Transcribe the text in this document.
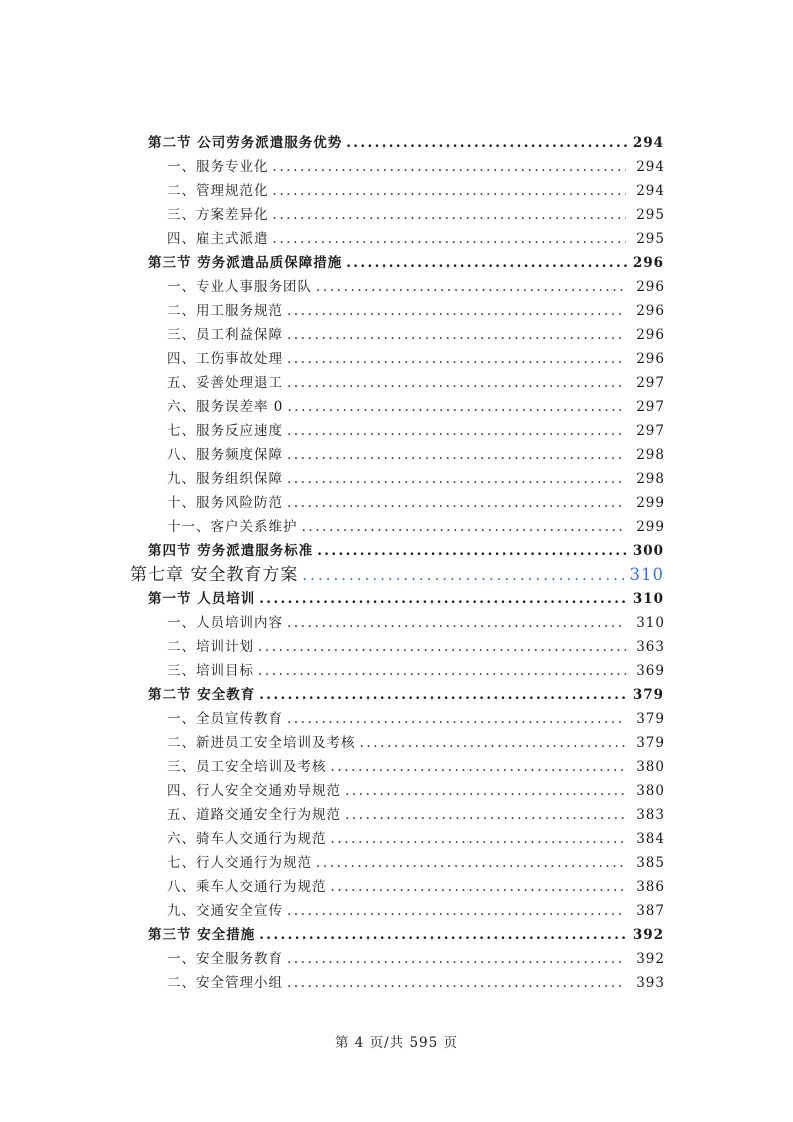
第二节 公司劳务派遣服务优势 .....	294
一、服务专业化 .....	294
二、管理规范化 .....	294
三、方案差异化 .....	295
四、雇主式派遣 .....	295
第三节 劳务派遣品质保障措施 .....	296
一、专业人事服务团队 .....	296
二、用工服务规范 .....	296
三、员工利益保障 .....	296
四、工伤事故处理 .....	296
五、妥善处理退工 .....	297
六、服务误差率 0 .....	297
七、服务反应速度 .....	297
八、服务频度保障 .....	298
九、服务组织保障 .....	298
十、服务风险防范 .....	299
十一、客户关系维护 .....	299
第四节 劳务派遣服务标准 .....	300
第七章 安全教育方案 .....	310
第一节 人员培训 .....	310
一、人员培训内容 .....	310
二、培训计划 .....	363
三、培训目标 .....	369
第二节 安全教育 .....	379
一、全员宣传教育 .....	379
二、新进员工安全培训及考核 .....	379
三、员工安全培训及考核 .....	380
四、行人安全交通劝导规范 .....	380
五、道路交通安全行为规范 .....	383
六、骑车人交通行为规范 .....	384
七、行人交通行为规范 .....	385
八、乘车人交通行为规范 .....	386
九、交通安全宣传 .....	387
第三节 安全措施 .....	392
一、安全服务教育 .....	392
二、安全管理小组 .....	393
第 4 页/共 595 页
